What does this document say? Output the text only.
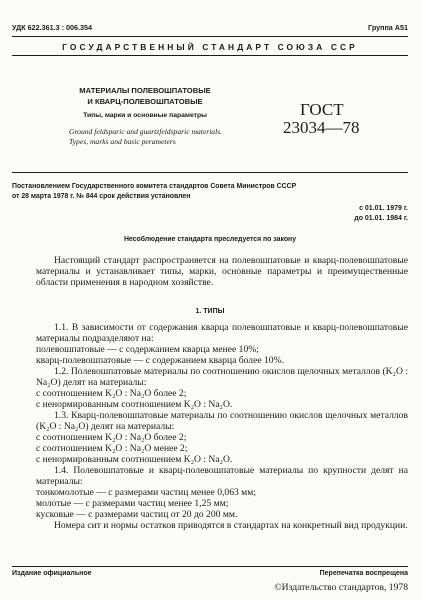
УДК 622.361.3 : 006.354	Группа А51
ГОСУДАРСТВЕННЫЙ СТАНДАРТ СОЮЗА ССР
МАТЕРИАЛЫ ПОЛЕВОШПАТОВЫЕ
И КВАРЦ-ПОЛЕВОШПАТОВЫЕ
Типы, марки и основные параметры
Ground feldsparic and guartzfeldsparic materials.
Types, marks and basic perameters
ГОСТ
23034—78
Постановлением Государственного комитета стандартов Совета Министров СССР
от 28 марта 1978 г. № 844 срок действия установлен
с 01.01. 1979 г.
до 01.01. 1984 г.
Несоблюдение стандарта преследуется по закону

Настоящий стандарт распространяется на полевошпатовые и кварц-полевошпатовые материалы и устанавливает типы, марки, основные параметры и преимущественные области применения в народном хозяйстве.

1. ТИПЫ

1.1. В зависимости от содержания кварца полевошпатовые и кварц-полевошпатовые материалы подразделяют на:

полевошпатовые — с содержанием кварца менее 10%;

кварц-полевошпатовые — с содержанием кварца более 10%.

1.2. Полевошпатовые материалы по соотношению окислов щелочных металлов (K₂O : Na₂O) делят на материалы:

с соотношением K₂O : Na₂O более 2;

с ненормированным соотношением K₂O : Na₂O.

1.3. Кварц-полевошпатовые материалы по соотношению окислов щелочных металлов (K₂O : Na₂O) делят на материалы:

с соотношением K₂O : Na₂O более 2;

с соотношением K₂O : Na₂O менее 2;

с ненормированным соотношением K₂O : Na₂O.

1.4. Полевошпатовые и кварц-полевошпатовые материалы по крупности делят на материалы:

тонкомолотые — с размерами частиц менее 0,063 мм;

молотые — с размерами частиц менее 1,25 мм;

кусковые — с размерами частиц от 20 до 200 мм.

Номера сит и нормы остатков приводятся в стандартах на конкретный вид продукции.

Издание официальное	Перепечатка воспрещена
©Издательство стандартов, 1978
